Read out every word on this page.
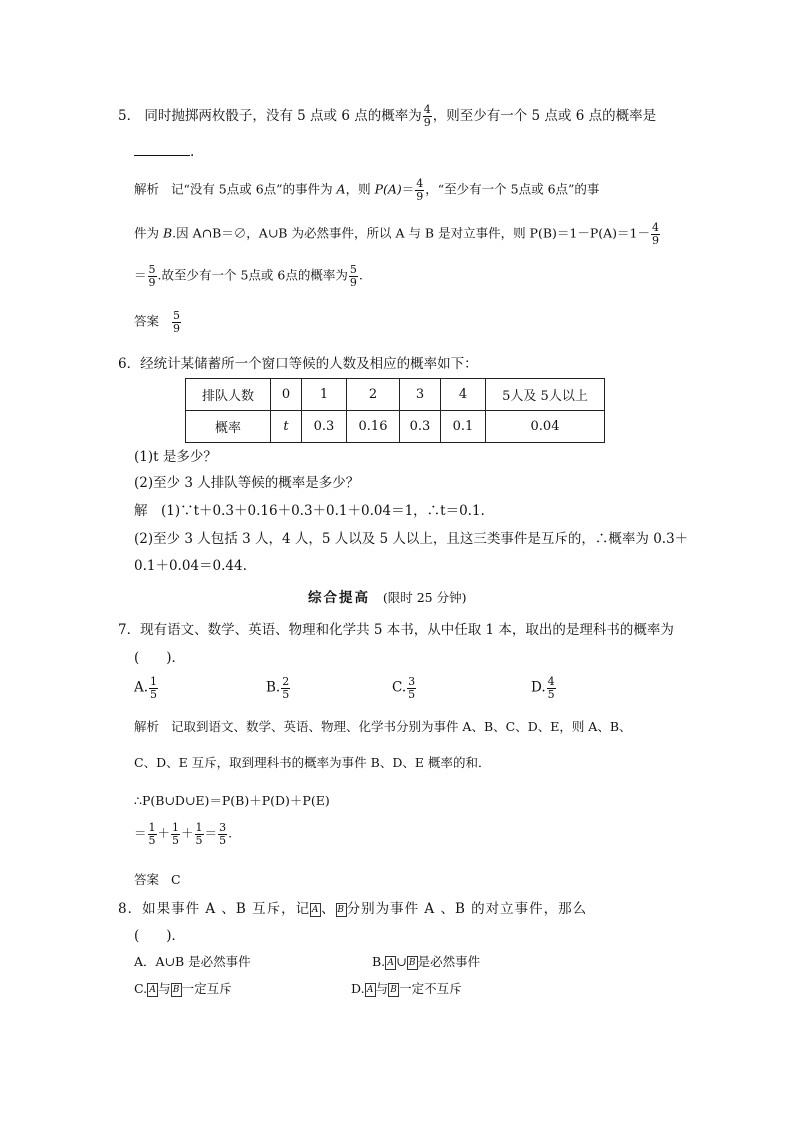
5． 同时抛掷两枚骰子，没有 5 点或 6 点的概率为 $\frac{4}{9}$ ，则至少有一个 5 点或 6 点的概率是
.
解析 记“没有 5点或 6点”的事件为 A，则 $P(A)= \frac{4}{9}$ ，“至少有一个 5点或 6点”的事
件为 B.因 A∩B＝∅，A∪B 为必然事件，所以 A 与 B 是对立事件，则 $P(B)=1-P(A)=1- \frac{4}{9}$
＝ $\frac{5}{9}$ .故至少有一个 5点或 6点的概率为 $\frac{5}{9}$ .
答案 $\frac{5}{9}$
6．经统计某储蓄所一个窗口等候的人数及相应的概率如下：
排队人数	0	1	2	3	4	5人及 5人以上
概率	t	0.3	0.16	0.3	0.1	0.04
(1)t 是多少？
(2)至少 3 人排队等候的概率是多少？
解　(1)∵t＋0.3＋0.16＋0.3＋0.1＋0.04＝1，∴t＝0.1.
(2)至少 3 人包括 3 人，4 人，5 人以及 5 人以上，且这三类事件是互斥的，∴概率为 0.3＋
0.1＋0.04＝0.44.
综合提高 (限时 25 分钟)
7．现有语文、数学、英语、物理和化学共 5 本书，从中任取 1 本，取出的是理科书的概率为
(　　)．
A. $\frac{1}{5}$	B. $\frac{2}{5}$	C. $\frac{3}{5}$	D. $\frac{4}{5}$
解析 记取到语文、数学、英语、物理、化学书分别为事件 A、B、C、D、E，则 A、B、
C、D、E 互斥，取到理科书的概率为事件 B、D、E 概率的和．
∴P(B∪D∪E)＝P(B)＋P(D)＋P(E)
＝ $\frac{1}{5} + \frac{1}{5} + \frac{1}{5} = \frac{3}{5}$ .
答案 C
8．如果事件 A 、B 互斥，记 A 、 B 分别为事件 A 、B 的对立事件，那么
(　　)．
A．A∪B 是必然事件	B. A ∪ B 是必然事件
C. A 与 B 一定互斥	D. A 与 B 一定不互斥
